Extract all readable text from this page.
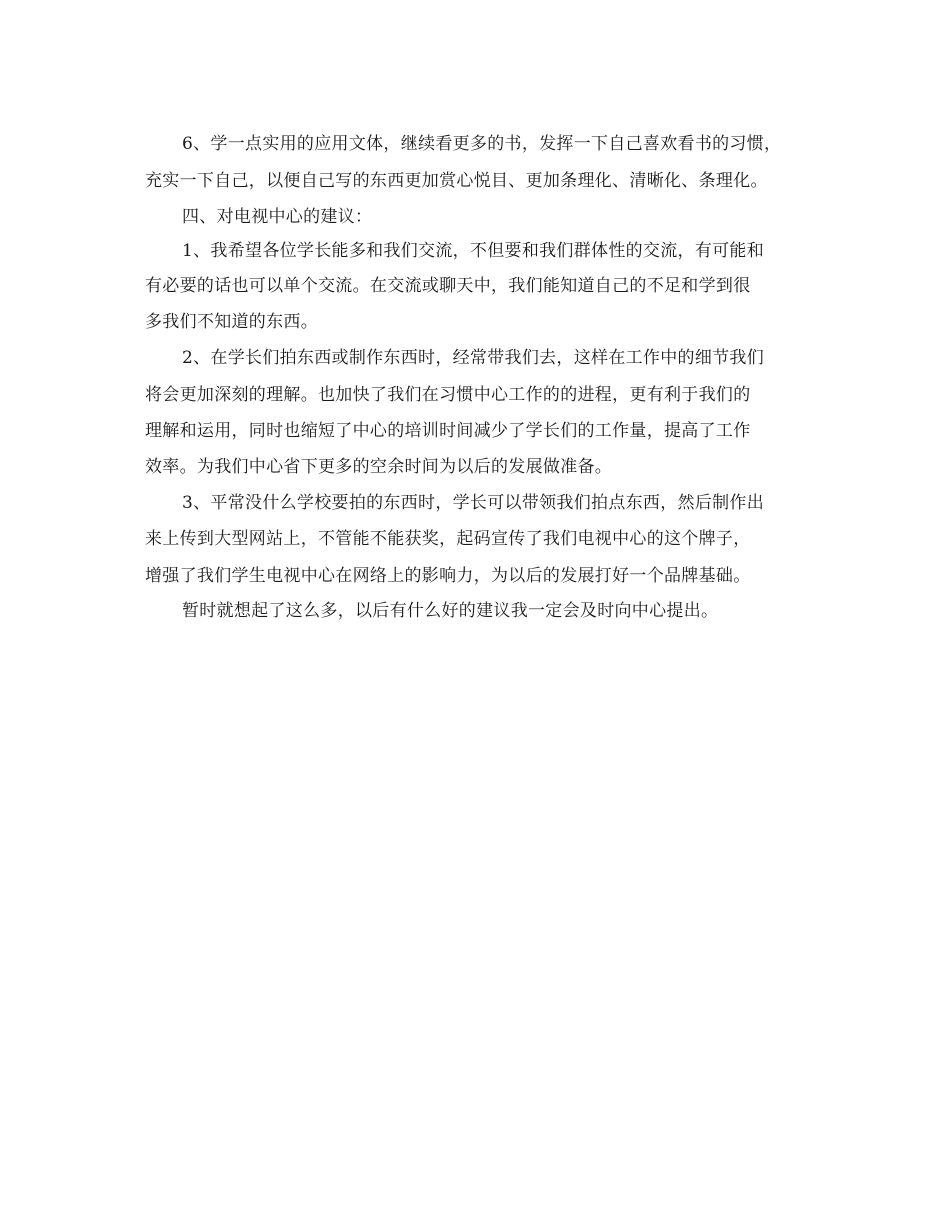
6、学一点实用的应用文体，继续看更多的书，发挥一下自己喜欢看书的习惯，
充实一下自己，以便自己写的东西更加赏心悦目、更加条理化、清晰化、条理化。
四、对电视中心的建议：
1、我希望各位学长能多和我们交流，不但要和我们群体性的交流，有可能和
有必要的话也可以单个交流。在交流或聊天中，我们能知道自己的不足和学到很
多我们不知道的东西。
2、在学长们拍东西或制作东西时，经常带我们去，这样在工作中的细节我们
将会更加深刻的理解。也加快了我们在习惯中心工作的的进程，更有利于我们的
理解和运用，同时也缩短了中心的培训时间减少了学长们的工作量，提高了工作
效率。为我们中心省下更多的空余时间为以后的发展做准备。
3、平常没什么学校要拍的东西时，学长可以带领我们拍点东西，然后制作出
来上传到大型网站上，不管能不能获奖，起码宣传了我们电视中心的这个牌子，
增强了我们学生电视中心在网络上的影响力，为以后的发展打好一个品牌基础。
暂时就想起了这么多，以后有什么好的建议我一定会及时向中心提出。
